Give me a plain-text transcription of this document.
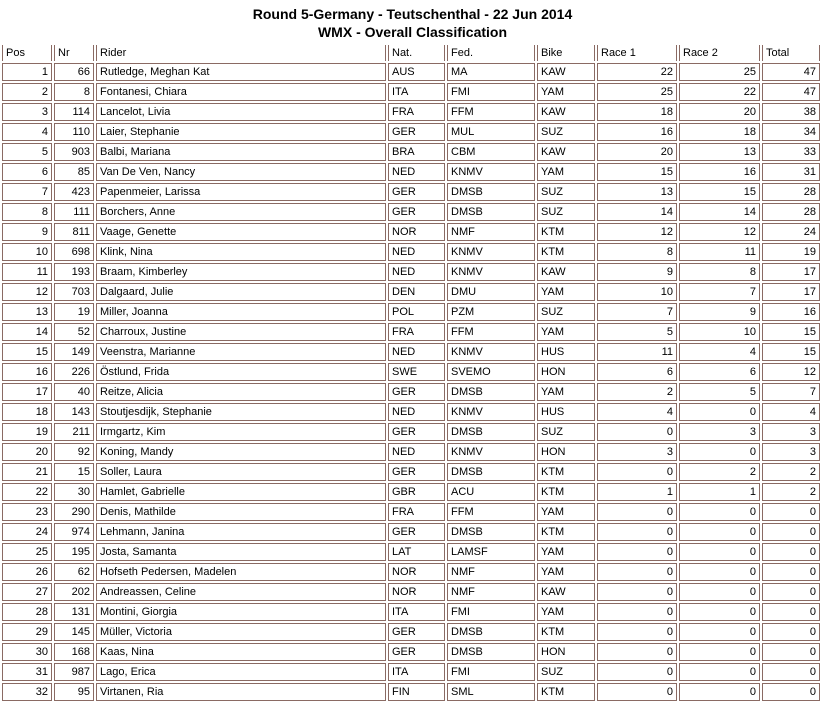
Round 5-Germany - Teutschenthal - 22 Jun 2014
WMX - Overall Classification
Pos	Nr	Rider	Nat.	Fed.	Bike	Race 1	Race 2	Total
1	66	Rutledge, Meghan Kat	AUS	MA	KAW	22	25	47
2	8	Fontanesi, Chiara	ITA	FMI	YAM	25	22	47
3	114	Lancelot, Livia	FRA	FFM	KAW	18	20	38
4	110	Laier, Stephanie	GER	MUL	SUZ	16	18	34
5	903	Balbi, Mariana	BRA	CBM	KAW	20	13	33
6	85	Van De Ven, Nancy	NED	KNMV	YAM	15	16	31
7	423	Papenmeier, Larissa	GER	DMSB	SUZ	13	15	28
8	111	Borchers, Anne	GER	DMSB	SUZ	14	14	28
9	811	Vaage, Genette	NOR	NMF	KTM	12	12	24
10	698	Klink, Nina	NED	KNMV	KTM	8	11	19
11	193	Braam, Kimberley	NED	KNMV	KAW	9	8	17
12	703	Dalgaard, Julie	DEN	DMU	YAM	10	7	17
13	19	Miller, Joanna	POL	PZM	SUZ	7	9	16
14	52	Charroux, Justine	FRA	FFM	YAM	5	10	15
15	149	Veenstra, Marianne	NED	KNMV	HUS	11	4	15
16	226	Östlund, Frida	SWE	SVEMO	HON	6	6	12
17	40	Reitze, Alicia	GER	DMSB	YAM	2	5	7
18	143	Stoutjesdijk, Stephanie	NED	KNMV	HUS	4	0	4
19	211	Irmgartz, Kim	GER	DMSB	SUZ	0	3	3
20	92	Koning, Mandy	NED	KNMV	HON	3	0	3
21	15	Soller, Laura	GER	DMSB	KTM	0	2	2
22	30	Hamlet, Gabrielle	GBR	ACU	KTM	1	1	2
23	290	Denis, Mathilde	FRA	FFM	YAM	0	0	0
24	974	Lehmann, Janina	GER	DMSB	KTM	0	0	0
25	195	Josta, Samanta	LAT	LAMSF	YAM	0	0	0
26	62	Hofseth Pedersen, Madelen	NOR	NMF	YAM	0	0	0
27	202	Andreassen, Celine	NOR	NMF	KAW	0	0	0
28	131	Montini, Giorgia	ITA	FMI	YAM	0	0	0
29	145	Müller, Victoria	GER	DMSB	KTM	0	0	0
30	168	Kaas, Nina	GER	DMSB	HON	0	0	0
31	987	Lago, Erica	ITA	FMI	SUZ	0	0	0
32	95	Virtanen, Ria	FIN	SML	KTM	0	0	0
